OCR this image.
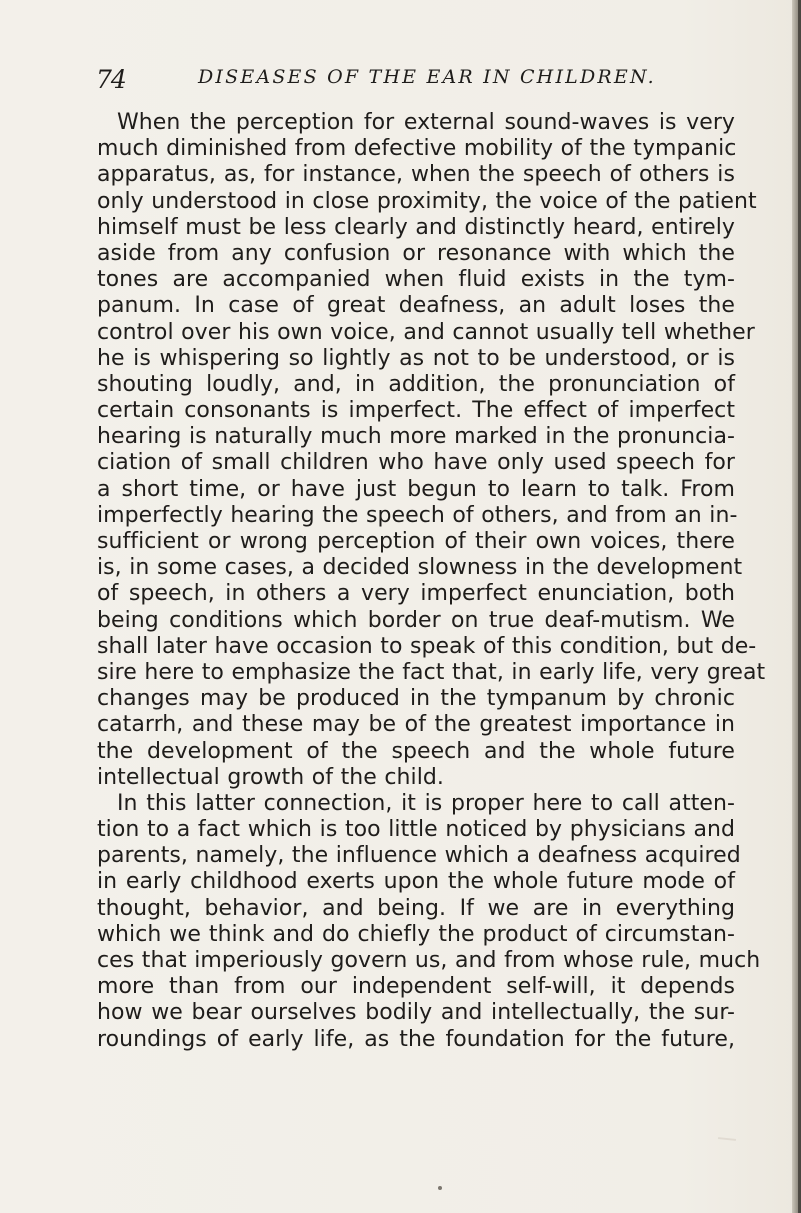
74	DISEASES OF THE EAR IN CHILDREN.
When the perception for external sound-waves is very
much diminished from defective mobility of the tympanic
apparatus, as, for instance, when the speech of others is
only understood in close proximity, the voice of the patient
himself must be less clearly and distinctly heard, entirely
aside from any confusion or resonance with which the
tones are accompanied when fluid exists in the tym-
panum. In case of great deafness, an adult loses the
control over his own voice, and cannot usually tell whether
he is whispering so lightly as not to be understood, or is
shouting loudly, and, in addition, the pronunciation of
certain consonants is imperfect. The effect of imperfect
hearing is naturally much more marked in the pronuncia-
ciation of small children who have only used speech for
a short time, or have just begun to learn to talk. From
imperfectly hearing the speech of others, and from an in-
sufficient or wrong perception of their own voices, there
is, in some cases, a decided slowness in the development
of speech, in others a very imperfect enunciation, both
being conditions which border on true deaf-mutism. We
shall later have occasion to speak of this condition, but de-
sire here to emphasize the fact that, in early life, very great
changes may be produced in the tympanum by chronic
catarrh, and these may be of the greatest importance in
the development of the speech and the whole future
intellectual growth of the child.
In this latter connection, it is proper here to call atten-
tion to a fact which is too little noticed by physicians and
parents, namely, the influence which a deafness acquired
in early childhood exerts upon the whole future mode of
thought, behavior, and being. If we are in everything
which we think and do chiefly the product of circumstan-
ces that imperiously govern us, and from whose rule, much
more than from our independent self-will, it depends
how we bear ourselves bodily and intellectually, the sur-
roundings of early life, as the foundation for the future,
